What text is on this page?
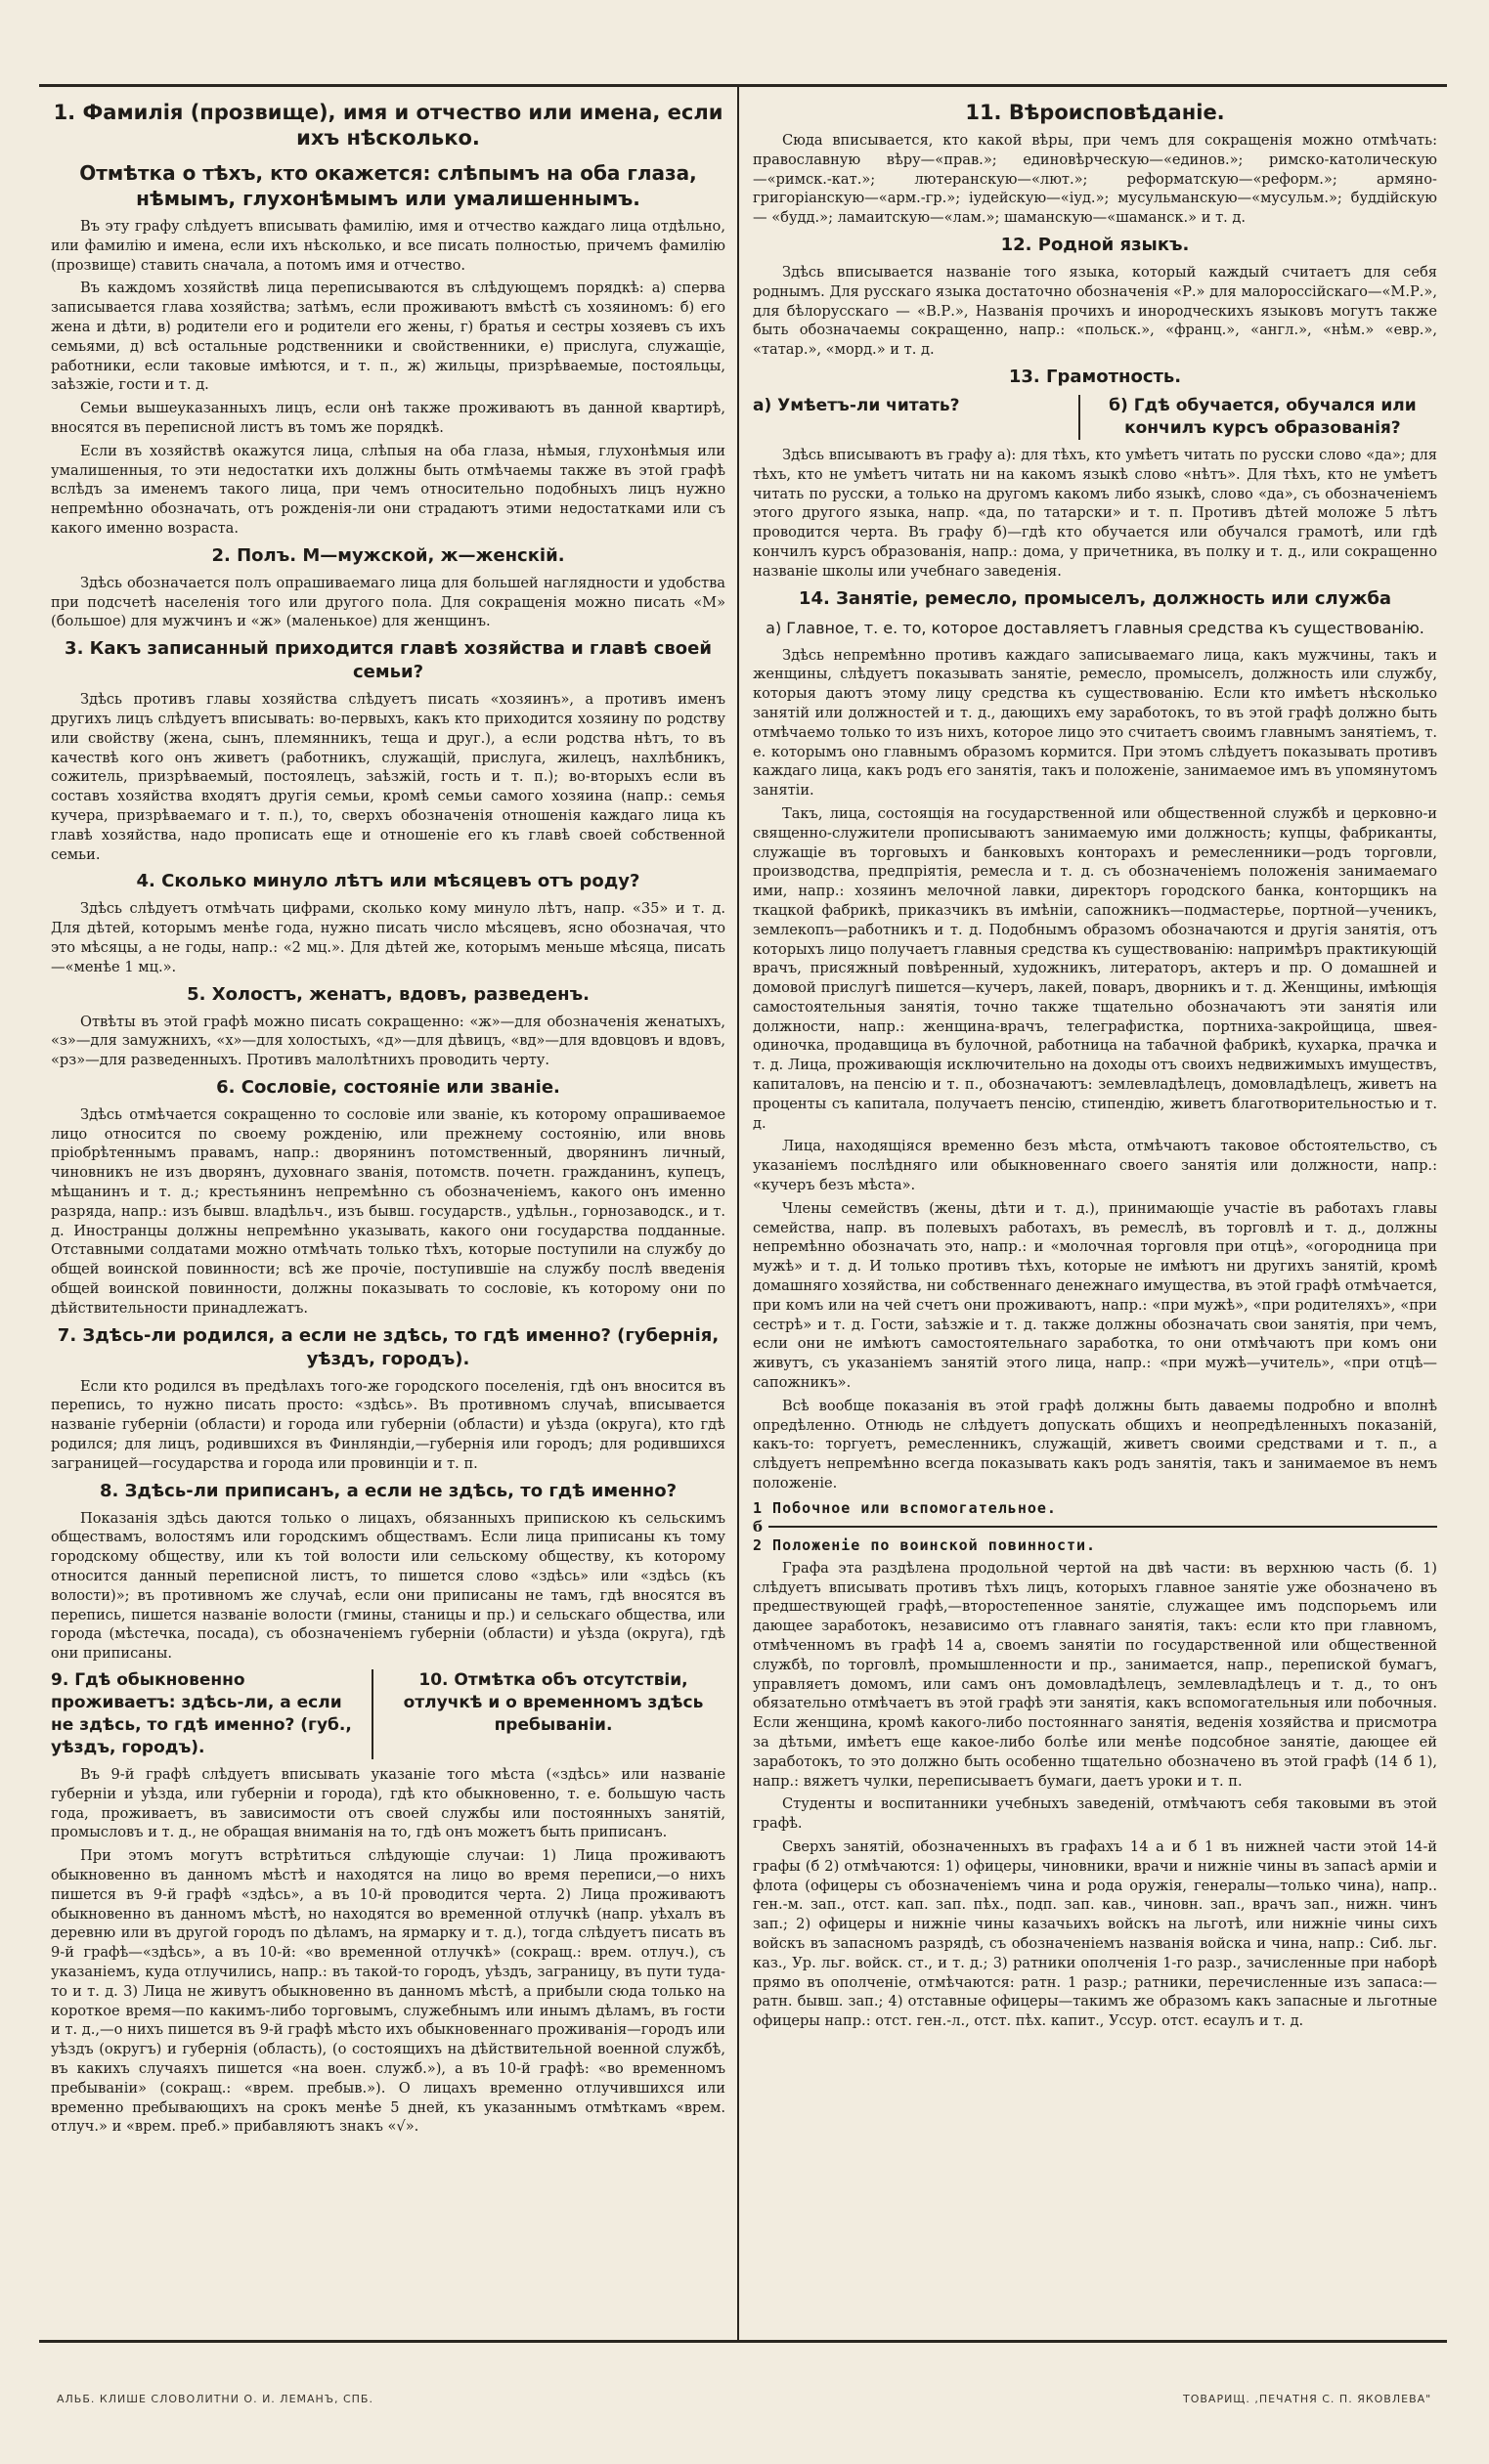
1. Фамилія (прозвище), имя и отчество или имена, если ихъ нѣсколько.
Отмѣтка о тѣхъ, кто окажется: слѣпымъ на оба глаза, нѣмымъ, глухонѣмымъ или умалишеннымъ.

Въ эту графу слѣдуетъ вписывать фамилію, имя и отчество каждаго лица отдѣльно, или фамилію и имена, если ихъ нѣсколько, и все писать полностью, причемъ фамилію (прозвище) ставить сначала, а потомъ имя и отчество.

Въ каждомъ хозяйствѣ лица переписываются въ слѣдующемъ порядкѣ: а) сперва записывается глава хозяйства; затѣмъ, если проживаютъ вмѣстѣ съ хозяиномъ: б) его жена и дѣти, в) родители его и родители его жены, г) братья и сестры хозяевъ съ ихъ семьями, д) всѣ остальные родственники и свойственники, е) прислуга, служащіе, работники, если таковые имѣются, и т. п., ж) жильцы, призрѣваемые, постояльцы, заѣзжіе, гости и т. д.

Семьи вышеуказанныхъ лицъ, если онѣ также проживаютъ въ данной квартирѣ, вносятся въ переписной листъ въ томъ же порядкѣ.

Если въ хозяйствѣ окажутся лица, слѣпыя на оба глаза, нѣмыя, глухонѣмыя или умалишенныя, то эти недостатки ихъ должны быть отмѣчаемы также въ этой графѣ вслѣдъ за именемъ такого лица, при чемъ относительно подобныхъ лицъ нужно непремѣнно обозначать, отъ рожденія-ли они страдаютъ этими недостатками или съ какого именно возраста.

2. Полъ. М—мужской, ж—женскій.

Здѣсь обозначается полъ опрашиваемаго лица для большей наглядности и удобства при подсчетѣ населенія того или другого пола. Для сокращенія можно писать «М» (большое) для мужчинъ и «ж» (маленькое) для женщинъ.

3. Какъ записанный приходится главѣ хозяйства и главѣ своей семьи?

Здѣсь противъ главы хозяйства слѣдуетъ писать «хозяинъ», а противъ именъ другихъ лицъ слѣдуетъ вписывать: во-первыхъ, какъ кто приходится хозяину по родству или свойству (жена, сынъ, племянникъ, теща и друг.), а если родства нѣтъ, то въ качествѣ кого онъ живетъ (работникъ, служащій, прислуга, жилецъ, нахлѣбникъ, сожитель, призрѣваемый, постоялецъ, заѣзжій, гость и т. п.); во-вторыхъ если въ составъ хозяйства входятъ другія семьи, кромѣ семьи самого хозяина (напр.: семья кучера, призрѣваемаго и т. п.), то, сверхъ обозначенія отношенія каждаго лица къ главѣ хозяйства, надо прописать еще и отношеніе его къ главѣ своей собственной семьи.

4. Сколько минуло лѣтъ или мѣсяцевъ отъ роду?

Здѣсь слѣдуетъ отмѣчать цифрами, сколько кому минуло лѣтъ, напр. «35» и т. д. Для дѣтей, которымъ менѣе года, нужно писать число мѣсяцевъ, ясно обозначая, что это мѣсяцы, а не годы, напр.: «2 мц.». Для дѣтей же, которымъ меньше мѣсяца, писать—«менѣе 1 мц.».

5. Холостъ, женатъ, вдовъ, разведенъ.

Отвѣты въ этой графѣ можно писать сокращенно: «ж»—для обозначенія женатыхъ, «з»—для замужнихъ, «х»—для холостыхъ, «д»—для дѣвицъ, «вд»—для вдовцовъ и вдовъ, «рз»—для разведенныхъ. Противъ малолѣтнихъ проводить черту.

6. Сословіе, состояніе или званіе.

Здѣсь отмѣчается сокращенно то сословіе или званіе, къ которому опрашиваемое лицо относится по своему рожденію, или прежнему состоянію, или вновь пріобрѣтеннымъ правамъ, напр.: дворянинъ потомственный, дворянинъ личный, чиновникъ не изъ дворянъ, духовнаго званія, потомств. почетн. гражданинъ, купецъ, мѣщанинъ и т. д.; крестьянинъ непремѣнно съ обозначеніемъ, какого онъ именно разряда, напр.: изъ бывш. владѣльч., изъ бывш. государств., удѣльн., горнозаводск., и т. д. Иностранцы должны непремѣнно указывать, какого они государства подданные. Отставными солдатами можно отмѣчать только тѣхъ, которые поступили на службу до общей воинской повинности; всѣ же прочіе, поступившіе на службу послѣ введенія общей воинской повинности, должны показывать то сословіе, къ которому они по дѣйствительности принадлежатъ.

7. Здѣсь-ли родился, а если не здѣсь, то гдѣ именно? (губернія, уѣздъ, городъ).

Если кто родился въ предѣлахъ того-же городского поселенія, гдѣ онъ вносится въ перепись, то нужно писать просто: «здѣсь». Въ противномъ случаѣ, вписывается названіе губерніи (области) и города или губерніи (области) и уѣзда (округа), кто гдѣ родился; для лицъ, родившихся въ Финляндіи,—губернія или городъ; для родившихся заграницей—государства и города или провинціи и т. п.

8. Здѣсь-ли приписанъ, а если не здѣсь, то гдѣ именно?

Показанія здѣсь даются только о лицахъ, обязанныхъ припискою къ сельскимъ обществамъ, волостямъ или городскимъ обществамъ. Если лица приписаны къ тому городскому обществу, или къ той волости или сельскому обществу, къ которому относится данный переписной листъ, то пишется слово «здѣсь» или «здѣсь (къ волости)»; въ противномъ же случаѣ, если они приписаны не тамъ, гдѣ вносятся въ перепись, пишется названіе волости (гмины, станицы и пр.) и сельскаго общества, или города (мѣстечка, посада), съ обозначеніемъ губерніи (области) и уѣзда (округа), гдѣ они приписаны.

9. Гдѣ обыкновенно проживаетъ: здѣсь-ли, а если не здѣсь, то гдѣ именно? (губ., уѣздъ, городъ).
10. Отмѣтка объ отсутствіи, отлучкѣ и о временномъ здѣсь пребываніи.

Въ 9-й графѣ слѣдуетъ вписывать указаніе того мѣста («здѣсь» или названіе губерніи и уѣзда, или губерніи и города), гдѣ кто обыкновенно, т. е. большую часть года, проживаетъ, въ зависимости отъ своей службы или постоянныхъ занятій, промысловъ и т. д., не обращая вниманія на то, гдѣ онъ можетъ быть приписанъ.

При этомъ могутъ встрѣтиться слѣдующіе случаи: 1) Лица проживаютъ обыкновенно въ данномъ мѣстѣ и находятся на лицо во время переписи,—о нихъ пишется въ 9-й графѣ «здѣсь», а въ 10-й проводится черта. 2) Лица проживаютъ обыкновенно въ данномъ мѣстѣ, но находятся во временной отлучкѣ (напр. уѣхалъ въ деревню или въ другой городъ по дѣламъ, на ярмарку и т. д.), тогда слѣдуетъ писать въ 9-й графѣ—«здѣсь», а въ 10-й: «во временной отлучкѣ» (сокращ.: врем. отлуч.), съ указаніемъ, куда отлучились, напр.: въ такой-то городъ, уѣздъ, заграницу, въ пути туда-то и т. д. 3) Лица не живутъ обыкновенно въ данномъ мѣстѣ, а прибыли сюда только на короткое время—по какимъ-либо торговымъ, служебнымъ или инымъ дѣламъ, въ гости и т. д.,—о нихъ пишется въ 9-й графѣ мѣсто ихъ обыкновеннаго проживанія—городъ или уѣздъ (округъ) и губернія (область), (о состоящихъ на дѣйствительной военной службѣ, въ какихъ случаяхъ пишется «на воен. служб.»), а въ 10-й графѣ: «во временномъ пребываніи» (сокращ.: «врем. пребыв.»). О лицахъ временно отлучившихся или временно пребывающихъ на срокъ менѣе 5 дней, къ указаннымъ отмѣткамъ «врем. отлуч.» и «врем. преб.» прибавляютъ знакъ «√».

11. Вѣроисповѣданіе.

Сюда вписывается, кто какой вѣры, при чемъ для сокращенія можно отмѣчать: православную вѣру—«прав.»; единовѣрческую—«единов.»; римско-католическую—«римск.-кат.»; лютеранскую—«лют.»; реформатскую—«реформ.»; армяно-григоріанскую—«арм.-гр.»; іудейскую—«іуд.»; мусульманскую—«мусульм.»; буддійскую — «будд.»; ламаитскую—«лам.»; шаманскую—«шаманск.» и т. д.

12. Родной языкъ.

Здѣсь вписывается названіе того языка, который каждый считаетъ для себя роднымъ. Для русскаго языка достаточно обозначенія «Р.» для малороссійскаго—«М.Р.», для бѣлорусскаго — «В.Р.», Названія прочихъ и инородческихъ языковъ могутъ также быть обозначаемы сокращенно, напр.: «польск.», «франц.», «англ.», «нѣм.» «евр.», «татар.», «морд.» и т. д.

13. Грамотность.
а) Умѣетъ-ли читать?	б) Гдѣ обучается, обучался или кончилъ курсъ образованія?

Здѣсь вписываютъ въ графу а): для тѣхъ, кто умѣетъ читать по русски слово «да»; для тѣхъ, кто не умѣетъ читать ни на какомъ языкѣ слово «нѣтъ». Для тѣхъ, кто не умѣетъ читать по русски, а только на другомъ какомъ либо языкѣ, слово «да», съ обозначеніемъ этого другого языка, напр. «да, по татарски» и т. п. Противъ дѣтей моложе 5 лѣтъ проводится черта. Въ графу б)—гдѣ кто обучается или обучался грамотѣ, или гдѣ кончилъ курсъ образованія, напр.: дома, у причетника, въ полку и т. д., или сокращенно названіе школы или учебнаго заведенія.

14. Занятіе, ремесло, промыселъ, должность или служба
а) Главное, т. е. то, которое доставляетъ главныя средства къ существованію.

Здѣсь непремѣнно противъ каждаго записываемаго лица, какъ мужчины, такъ и женщины, слѣдуетъ показывать занятіе, ремесло, промыселъ, должность или службу, которыя даютъ этому лицу средства къ существованію. Если кто имѣетъ нѣсколько занятій или должностей и т. д., дающихъ ему заработокъ, то въ этой графѣ должно быть отмѣчаемо только то изъ нихъ, которое лицо это считаетъ своимъ главнымъ занятіемъ, т. е. которымъ оно главнымъ образомъ кормится. При этомъ слѣдуетъ показывать противъ каждаго лица, какъ родъ его занятія, такъ и положеніе, занимаемое имъ въ упомянутомъ занятіи.

Такъ, лица, состоящія на государственной или общественной службѣ и церковно-и священно-служители прописываютъ занимаемую ими должность; купцы, фабриканты, служащіе въ торговыхъ и банковыхъ конторахъ и ремесленники—родъ торговли, производства, предпріятія, ремесла и т. д. съ обозначеніемъ положенія занимаемаго ими, напр.: хозяинъ мелочной лавки, директоръ городского банка, конторщикъ на ткацкой фабрикѣ, приказчикъ въ имѣніи, сапожникъ—подмастерье, портной—ученикъ, землекопъ—работникъ и т. д. Подобнымъ образомъ обозначаются и другія занятія, отъ которыхъ лицо получаетъ главныя средства къ существованію: напримѣръ практикующій врачъ, присяжный повѣренный, художникъ, литераторъ, актеръ и пр. О домашней и домовой прислугѣ пишется—кучеръ, лакей, поваръ, дворникъ и т. д. Женщины, имѣющія самостоятельныя занятія, точно также тщательно обозначаютъ эти занятія или должности, напр.: женщина-врачъ, телеграфистка, портниха-закройщица, швея-одиночка, продавщица въ булочной, работница на табачной фабрикѣ, кухарка, прачка и т. д. Лица, проживающія исключительно на доходы отъ своихъ недвижимыхъ имуществъ, капиталовъ, на пенсію и т. п., обозначаютъ: землевладѣлецъ, домовладѣлецъ, живетъ на проценты съ капитала, получаетъ пенсію, стипендію, живетъ благотворительностью и т. д.

Лица, находящіяся временно безъ мѣста, отмѣчаютъ таковое обстоятельство, съ указаніемъ послѣдняго или обыкновеннаго своего занятія или должности, напр.: «кучеръ безъ мѣста».

Члены семействъ (жены, дѣти и т. д.), принимающіе участіе въ работахъ главы семейства, напр. въ полевыхъ работахъ, въ ремеслѣ, въ торговлѣ и т. д., должны непремѣнно обозначать это, напр.: и «молочная торговля при отцѣ», «огородница при мужѣ» и т. д. И только противъ тѣхъ, которые не имѣютъ ни другихъ занятій, кромѣ домашняго хозяйства, ни собственнаго денежнаго имущества, въ этой графѣ отмѣчается, при комъ или на чей счетъ они проживаютъ, напр.: «при мужѣ», «при родителяхъ», «при сестрѣ» и т. д. Гости, заѣзжіе и т. д. также должны обозначать свои занятія, при чемъ, если они не имѣютъ самостоятельнаго заработка, то они отмѣчаютъ при комъ они живутъ, съ указаніемъ занятій этого лица, напр.: «при мужѣ—учитель», «при отцѣ—сапожникъ».

Всѣ вообще показанія въ этой графѣ должны быть даваемы подробно и вполнѣ опредѣленно. Отнюдь не слѣдуетъ допускать общихъ и неопредѣленныхъ показаній, какъ-то: торгуетъ, ремесленникъ, служащій, живетъ своими средствами и т. п., а слѣдуетъ непремѣнно всегда показывать какъ родъ занятія, такъ и занимаемое въ немъ положеніе.

1 Побочное или вспомогательное.
б
2 Положеніе по воинской повинности.

Графа эта раздѣлена продольной чертой на двѣ части: въ верхнюю часть (б. 1) слѣдуетъ вписывать противъ тѣхъ лицъ, которыхъ главное занятіе уже обозначено въ предшествующей графѣ,—второстепенное занятіе, служащее имъ подспорьемъ или дающее заработокъ, независимо отъ главнаго занятія, такъ: если кто при главномъ, отмѣченномъ въ графѣ 14 а, своемъ занятіи по государственной или общественной службѣ, по торговлѣ, промышленности и пр., занимается, напр., перепиской бумагъ, управляетъ домомъ, или самъ онъ домовладѣлецъ, землевладѣлецъ и т. д., то онъ обязательно отмѣчаетъ въ этой графѣ эти занятія, какъ вспомогательныя или побочныя. Если женщина, кромѣ какого-либо постояннаго занятія, веденія хозяйства и присмотра за дѣтьми, имѣетъ еще какое-либо болѣе или менѣе подсобное занятіе, дающее ей заработокъ, то это должно быть особенно тщательно обозначено въ этой графѣ (14 б 1), напр.: вяжетъ чулки, переписываетъ бумаги, даетъ уроки и т. п.

Студенты и воспитанники учебныхъ заведеній, отмѣчаютъ себя таковыми въ этой графѣ.

Сверхъ занятій, обозначенныхъ въ графахъ 14 а и б 1 въ нижней части этой 14-й графы (б 2) отмѣчаются: 1) офицеры, чиновники, врачи и нижніе чины въ запасѣ арміи и флота (офицеры съ обозначеніемъ чина и рода оружія, генералы—только чина), напр.. ген.-м. зап., отст. кап. зап. пѣх., подп. зап. кав., чиновн. зап., врачъ зап., нижн. чинъ зап.; 2) офицеры и нижніе чины казачьихъ войскъ на льготѣ, или нижніе чины сихъ войскъ въ запасномъ разрядѣ, съ обозначеніемъ названія войска и чина, напр.: Сиб. льг. каз., Ур. льг. войск. ст., и т. д.; 3) ратники ополченія 1-го разр., зачисленные при наборѣ прямо въ ополченіе, отмѣчаются: ратн. 1 разр.; ратники, перечисленные изъ запаса:—ратн. бывш. зап.; 4) отставные офицеры—такимъ же образомъ какъ запасные и льготные офицеры напр.: отст. ген.-л., отст. пѣх. капит., Уссур. отст. есаулъ и т. д.

АЛЬБ. КЛИШЕ СЛОВОЛИТНИ О. И. ЛЕМАНЪ, СПБ.	ТОВАРИЩ. ,ПЕЧАТНЯ С. П. ЯКОВЛЕВА"
